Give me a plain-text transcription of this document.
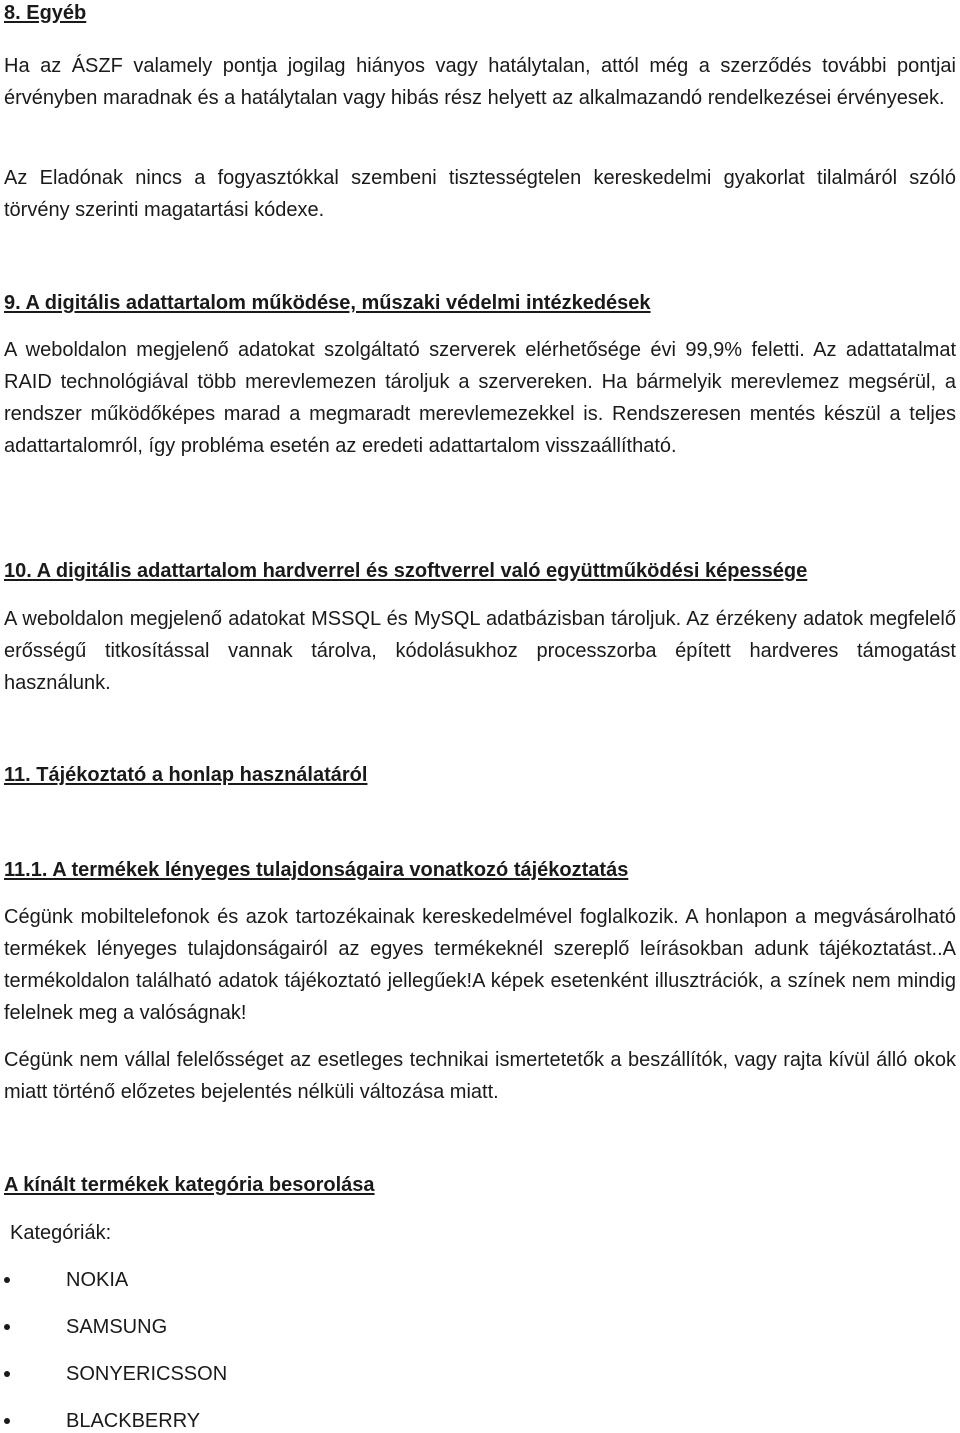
8. Egyéb

Ha az ÁSZF valamely pontja jogilag hiányos vagy hatálytalan, attól még a szerződés további pontjai érvényben maradnak és a hatálytalan vagy hibás rész helyett az alkalmazandó rendelkezései érvényesek.

Az Eladónak nincs a fogyasztókkal szembeni tisztességtelen kereskedelmi gyakorlat tilalmáról szóló törvény szerinti magatartási kódexe.

9. A digitális adattartalom működése, műszaki védelmi intézkedések

A weboldalon megjelenő adatokat szolgáltató szerverek elérhetősége évi 99,9% feletti. Az adattatalmat RAID technológiával több merevlemezen tároljuk a szervereken. Ha bármelyik merevlemez megsérül, a rendszer működőképes marad a megmaradt merevlemezekkel is. Rendszeresen mentés készül a teljes adattartalomról, így probléma esetén az eredeti adattartalom visszaállítható.

10. A digitális adattartalom hardverrel és szoftverrel való együttműködési képessége

A weboldalon megjelenő adatokat MSSQL és MySQL adatbázisban tároljuk. Az érzékeny adatok megfelelő erősségű titkosítással vannak tárolva, kódolásukhoz processzorba épített hardveres támogatást használunk.

11. Tájékoztató a honlap használatáról
11.1. A termékek lényeges tulajdonságaira vonatkozó tájékoztatás

Cégünk mobiltelefonok és azok tartozékainak kereskedelmével foglalkozik. A honlapon a megvásárolható termékek lényeges tulajdonságairól az egyes termékeknél szereplő leírásokban adunk tájékoztatást..A termékoldalon található adatok tájékoztató jellegűek!A képek esetenként illusztrációk, a színek nem mindig felelnek meg a valóságnak!

Cégünk nem vállal felelősséget az esetleges technikai ismertetetők a beszállítók, vagy rajta kívül álló okok miatt történő előzetes bejelentés nélküli változása miatt.

A kínált termékek kategória besorolása
Kategóriák:
NOKIA
SAMSUNG
SONYERICSSON
BLACKBERRY
